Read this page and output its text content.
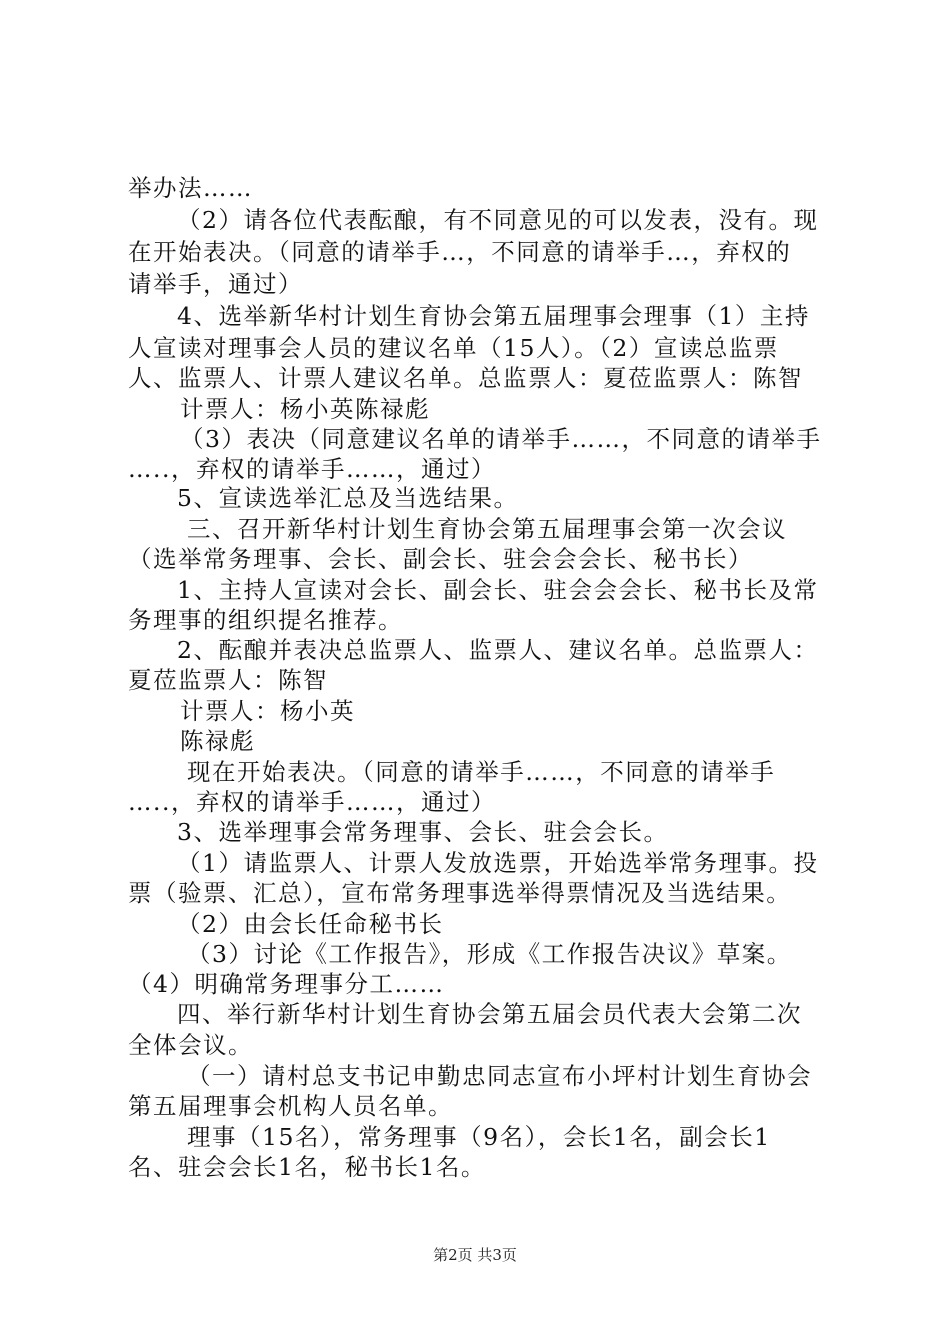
举办法……
（2）请各位代表酝酿，有不同意见的可以发表，没有。现
在开始表决。（同意的请举手…，不同意的请举手…，弃权的
请举手，通过）
4、选举新华村计划生育协会第五届理事会理事（1）主持
人宣读对理事会人员的建议名单（15人）。（2）宣读总监票
人、监票人、计票人建议名单。总监票人：夏莅监票人：陈智
计票人：杨小英陈禄彪
（3）表决（同意建议名单的请举手……，不同意的请举手
…..，弃权的请举手……，通过）
5、宣读选举汇总及当选结果。
三、召开新华村计划生育协会第五届理事会第一次会议
（选举常务理事、会长、副会长、驻会会会长、秘书长）
1、主持人宣读对会长、副会长、驻会会会长、秘书长及常
务理事的组织提名推荐。
2、酝酿并表决总监票人、监票人、建议名单。总监票人：
夏莅监票人：陈智
计票人：杨小英
陈禄彪
现在开始表决。（同意的请举手……，不同意的请举手
…..，弃权的请举手……，通过）
3、选举理事会常务理事、会长、驻会会长。
（1）请监票人、计票人发放选票，开始选举常务理事。投
票（验票、汇总），宣布常务理事选举得票情况及当选结果。
（2）由会长任命秘书长
（3）讨论《工作报告》，形成《工作报告决议》草案。
（4）明确常务理事分工……
四、举行新华村计划生育协会第五届会员代表大会第二次
全体会议。
（一）请村总支书记申勤忠同志宣布小坪村计划生育协会
第五届理事会机构人员名单。
理事（15名），常务理事（9名），会长1名，副会长1
名、驻会会长1名，秘书长1名。
第2页 共3页
